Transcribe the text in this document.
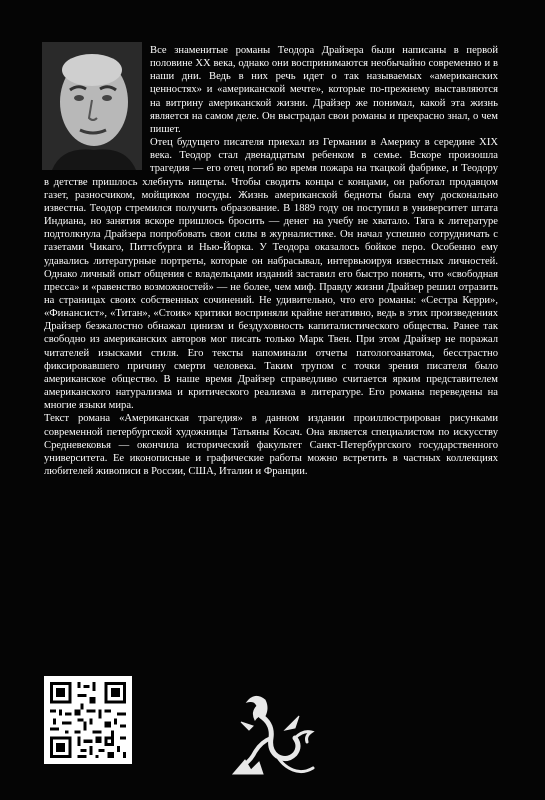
Все знаменитые романы Теодора Драйзера были написаны в первой половине XX века, однако они воспринимаются необычайно современно и в наши дни. Ведь в них речь идет о так называемых «американских ценностях» и «американской мечте», которые по-прежнему выставляются на витрину американской жизни. Драйзер же понимал, какой эта жизнь является на самом деле. Он выстрадал свои романы и прекрасно знал, о чем пишет.

Отец будущего писателя приехал из Германии в Америку в середине XIX века. Теодор стал двенадцатым ребенком в семье. Вскоре произошла трагедия — его отец погиб во время пожара на ткацкой фабрике, и Теодору в детстве пришлось хлебнуть нищеты. Чтобы сводить концы с концами, он работал продавцом газет, разносчиком, мойщиком посуды. Жизнь американской бедноты была ему досконально известна. Теодор стремился получить образование. В 1889 году он поступил в университет штата Индиана, но занятия вскоре пришлось бросить — денег на учебу не хватало. Тяга к литературе подтолкнула Драйзера попробовать свои силы в журналистике. Он начал успешно сотрудничать с газетами Чикаго, Питтсбурга и Нью-Йорка. У Теодора оказалось бойкое перо. Особенно ему удавались литературные портреты, которые он набрасывал, интервьюируя известных личностей. Однако личный опыт общения с владельцами изданий заставил его быстро понять, что «свободная пресса» и «равенство возможностей» — не более, чем миф. Правду жизни Драйзер решил отразить на страницах своих собственных сочинений. Не удивительно, что его романы: «Сестра Керри», «Финансист», «Титан», «Стоик» критики восприняли крайне негативно, ведь в этих произведениях Драйзер безжалостно обнажал цинизм и бездуховность капиталистического общества. Ранее так свободно из американских авторов мог писать только Марк Твен. При этом Драйзер не поражал читателей изысками стиля. Его тексты напоминали отчеты патологоанатома, бесстрастно фиксировавшего причину смерти человека. Таким трупом с точки зрения писателя было американское общество. В наше время Драйзер справедливо считается ярким представителем американского натурализма и критического реализма в литературе. Его романы переведены на многие языки мира.

Текст романа «Американская трагедия» в данном издании проиллюстрирован рисунками современной петербургской художницы Татьяны Косач. Она является специалистом по искусству Средневековья — окончила исторический факультет Санкт-Петербургского государственного университета. Ее иконописные и графические работы можно встретить в частных коллекциях любителей живописи в России, США, Италии и Франции.
